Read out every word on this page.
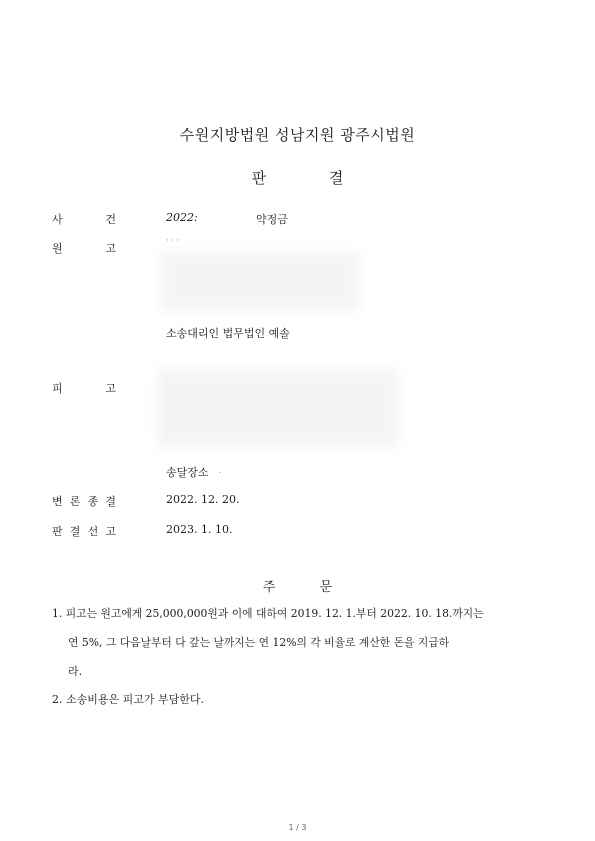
수원지방법원 성남지원 광주시법원
판 결
사	건	2022:	약정금
원	고
· · ·
소송대리인 법무법인 예솔
피	고
송달장소 ·
변 론 종 결	2022. 12. 20.
판 결 선 고	2023. 1. 10.
주 문
1. 피고는 원고에게 25,000,000원과 이에 대하여 2019. 12. 1.부터 2022. 10. 18.까지는
연 5%, 그 다음날부터 다 갚는 날까지는 연 12%의 각 비율로 계산한 돈을 지급하
라.
2. 소송비용은 피고가 부담한다.
1 / 3
